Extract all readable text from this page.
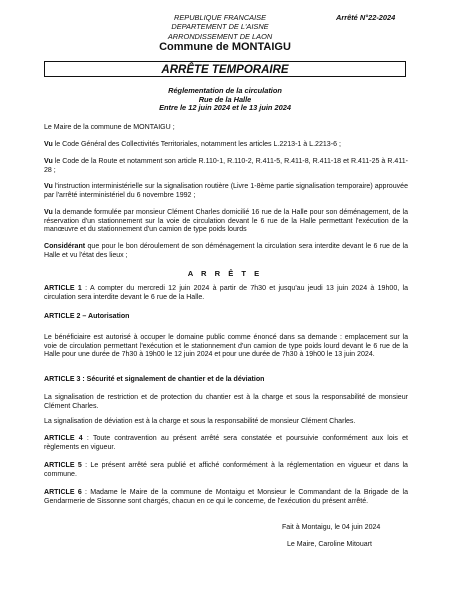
REPUBLIQUE FRANCAISE
DEPARTEMENT DE L'AISNE
ARRONDISSEMENT DE LAON
Arrêté N°22-2024
Commune de MONTAIGU
ARRÊTE TEMPORAIRE
Réglementation de la circulation
Rue de la Halle
Entre le 12 juin 2024 et le 13 juin 2024
Le Maire de la commune de MONTAIGU ;
Vu le Code Général des Collectivités Territoriales, notamment les articles L.2213-1 à L.2213-6 ;
Vu le Code de la Route et notamment son article R.110-1, R.110-2, R.411-5, R.411-8, R.411-18 et R.411-25 à R.411-28 ;
Vu l'instruction interministérielle sur la signalisation routière (Livre 1-8ème partie signalisation temporaire) approuvée par l'arrêté interministériel du 6 novembre 1992 ;
Vu la demande formulée par monsieur Clément Charles domicilié 16 rue de la Halle pour son déménagement, de la réservation d'un stationnement sur la voie de circulation devant le 6 rue de la Halle permettant l'exécution de la manœuvre et du stationnement d'un camion de type poids lourds
Considérant que pour le bon déroulement de son déménagement la circulation sera interdite devant le 6 rue de la Halle et vu l'état des lieux ;
A R R Ê T E
ARTICLE 1 : A compter du mercredi 12 juin 2024 à partir de 7h30 et jusqu'au jeudi 13 juin 2024 à 19h00, la circulation sera interdite devant le 6 rue de la Halle.
ARTICLE 2 – Autorisation
Le bénéficiaire est autorisé à occuper le domaine public comme énoncé dans sa demande : emplacement sur la voie de circulation permettant l'exécution et le stationnement d'un camion de type poids lourd devant le 6 rue de la Halle pour une durée de 7h30 à 19h00 le 12 juin 2024 et pour une durée de 7h30 à 19h00 le 13 juin 2024.
ARTICLE 3 : Sécurité et signalement de chantier et de la déviation
La signalisation de restriction et de protection du chantier est à la charge et sous la responsabilité de monsieur Clément Charles.
La signalisation de déviation est à la charge et sous la responsabilité de monsieur Clément Charles.
ARTICLE 4 : Toute contravention au présent arrêté sera constatée et poursuivie conformément aux lois et règlements en vigueur.
ARTICLE 5 : Le présent arrêté sera publié et affiché conformément à la réglementation en vigueur et dans la commune.
ARTICLE 6 : Madame le Maire de la commune de Montaigu et Monsieur le Commandant de la Brigade de la Gendarmerie de Sissonne sont chargés, chacun en ce qui le concerne, de l'exécution du présent arrêté.
Fait à Montaigu, le 04 juin 2024
Le Maire, Caroline Mitouart
